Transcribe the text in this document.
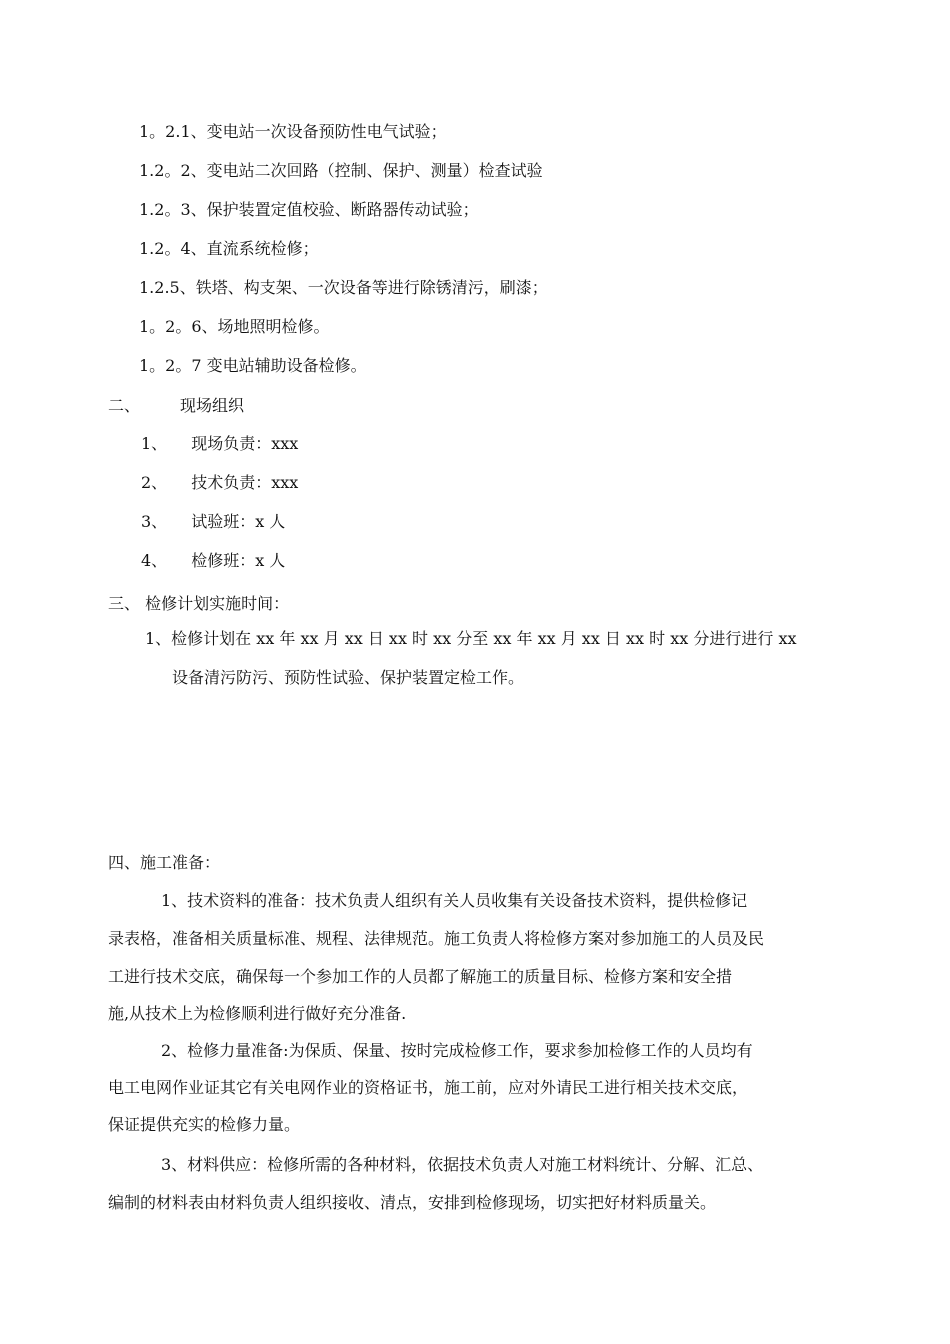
1。2.1、变电站一次设备预防性电气试验；
1.2。2、变电站二次回路（控制、保护、测量）检查试验
1.2。3、保护装置定值校验、断路器传动试验；
1.2。4、直流系统检修；
1.2.5、铁塔、构支架、一次设备等进行除锈清污，刷漆；
1。2。6、场地照明检修。
1。2。7 变电站辅助设备检修。
二、	现场组织
1、 现场负责：xxx
2、 技术负责：xxx
3、 试验班：x 人
4、 检修班：x 人
三、 检修计划实施时间：
1、检修计划在 xx 年 xx 月 xx 日 xx 时 xx 分至 xx 年 xx 月 xx 日 xx 时 xx 分进行进行 xx
设备清污防污、预防性试验、保护装置定检工作。
四、施工准备：
1、技术资料的准备：技术负责人组织有关人员收集有关设备技术资料，提供检修记
录表格，准备相关质量标准、规程、法律规范。施工负责人将检修方案对参加施工的人员及民
工进行技术交底，确保每一个参加工作的人员都了解施工的质量目标、检修方案和安全措
施,从技术上为检修顺利进行做好充分准备.
2、检修力量准备:为保质、保量、按时完成检修工作，要求参加检修工作的人员均有
电工电网作业证其它有关电网作业的资格证书，施工前，应对外请民工进行相关技术交底，
保证提供充实的检修力量。
3、材料供应：检修所需的各种材料，依据技术负责人对施工材料统计、分解、汇总、
编制的材料表由材料负责人组织接收、清点，安排到检修现场，切实把好材料质量关。
